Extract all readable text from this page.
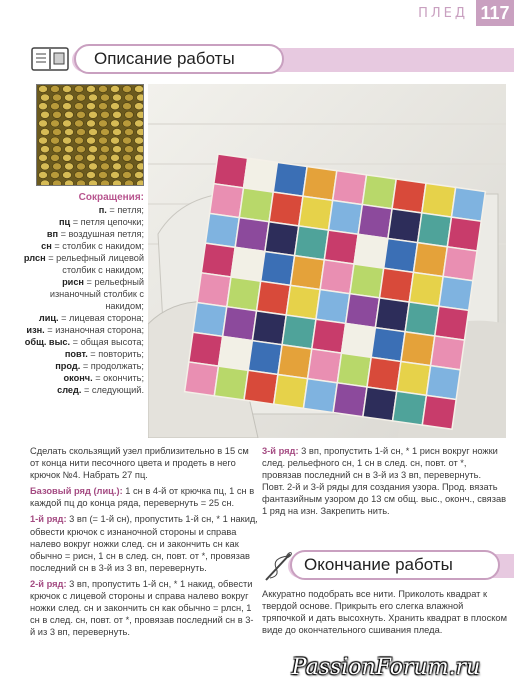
ПЛЕД 117
Описание работы
Сокращения:
п. = петля;
пц = петля цепочки;
вп = воздушная петля;
сн = столбик с накидом;
рлсн = рельефный лицевой столбик с накидом;
рисн = рельефный изнаночный столбик с накидом;
лиц. = лицевая сторона;
изн. = изнаночная сторона;
общ. выс. = общая высота;
повт. = повторить;
прод. = продолжать;
оконч. = окончить;
след. = следующий.

Сделать скользящий узел приблизительно в 15 см от конца нити песочного цвета и продеть в него крючок №4. Набрать 27 пц.

Базовый ряд (лиц.): 1 сн в 4-й от крючка пц, 1 сн в каждой пц до конца ряда, перевернуть = 25 сн.

1-й ряд: 3 вп (= 1-й сн), пропустить 1-й сн, * 1 накид, обвести крючок с изнаночной стороны и справа налево вокруг ножки след. сн и закончить сн как обычно = рисн, 1 сн в след. сн, повт. от *, провязав последний сн в 3-й из 3 вп, перевернуть.

2-й ряд: 3 вп, пропустить 1-й сн, * 1 накид, обвести крючок с лицевой стороны и справа налево вокруг ножки след. сн и закончить сн как обычно = рлсн, 1 сн в след. сн, повт. от *, провязав последний сн в 3-й из 3 вп, перевернуть.

3-й ряд: 3 вп, пропустить 1-й сн, * 1 рисн вокруг ножки след. рельефного сн, 1 сн в след. сн, повт. от *, провязав последний сн в 3-й из 3 вп, перевернуть.

Повт. 2-й и 3-й ряды для создания узора. Прод. вязать фантазийным узором до 13 см общ. выс., оконч., связав 1 ряд на изн. Закрепить нить.

Окончание работы
Аккуратно подобрать все нити. Приколоть квадрат к твердой основе. Прикрыть его слегка влажной тряпочкой и дать высохнуть. Хранить квадрат в плоском виде до окончательного сшивания пледа.
PassionForum.ru
